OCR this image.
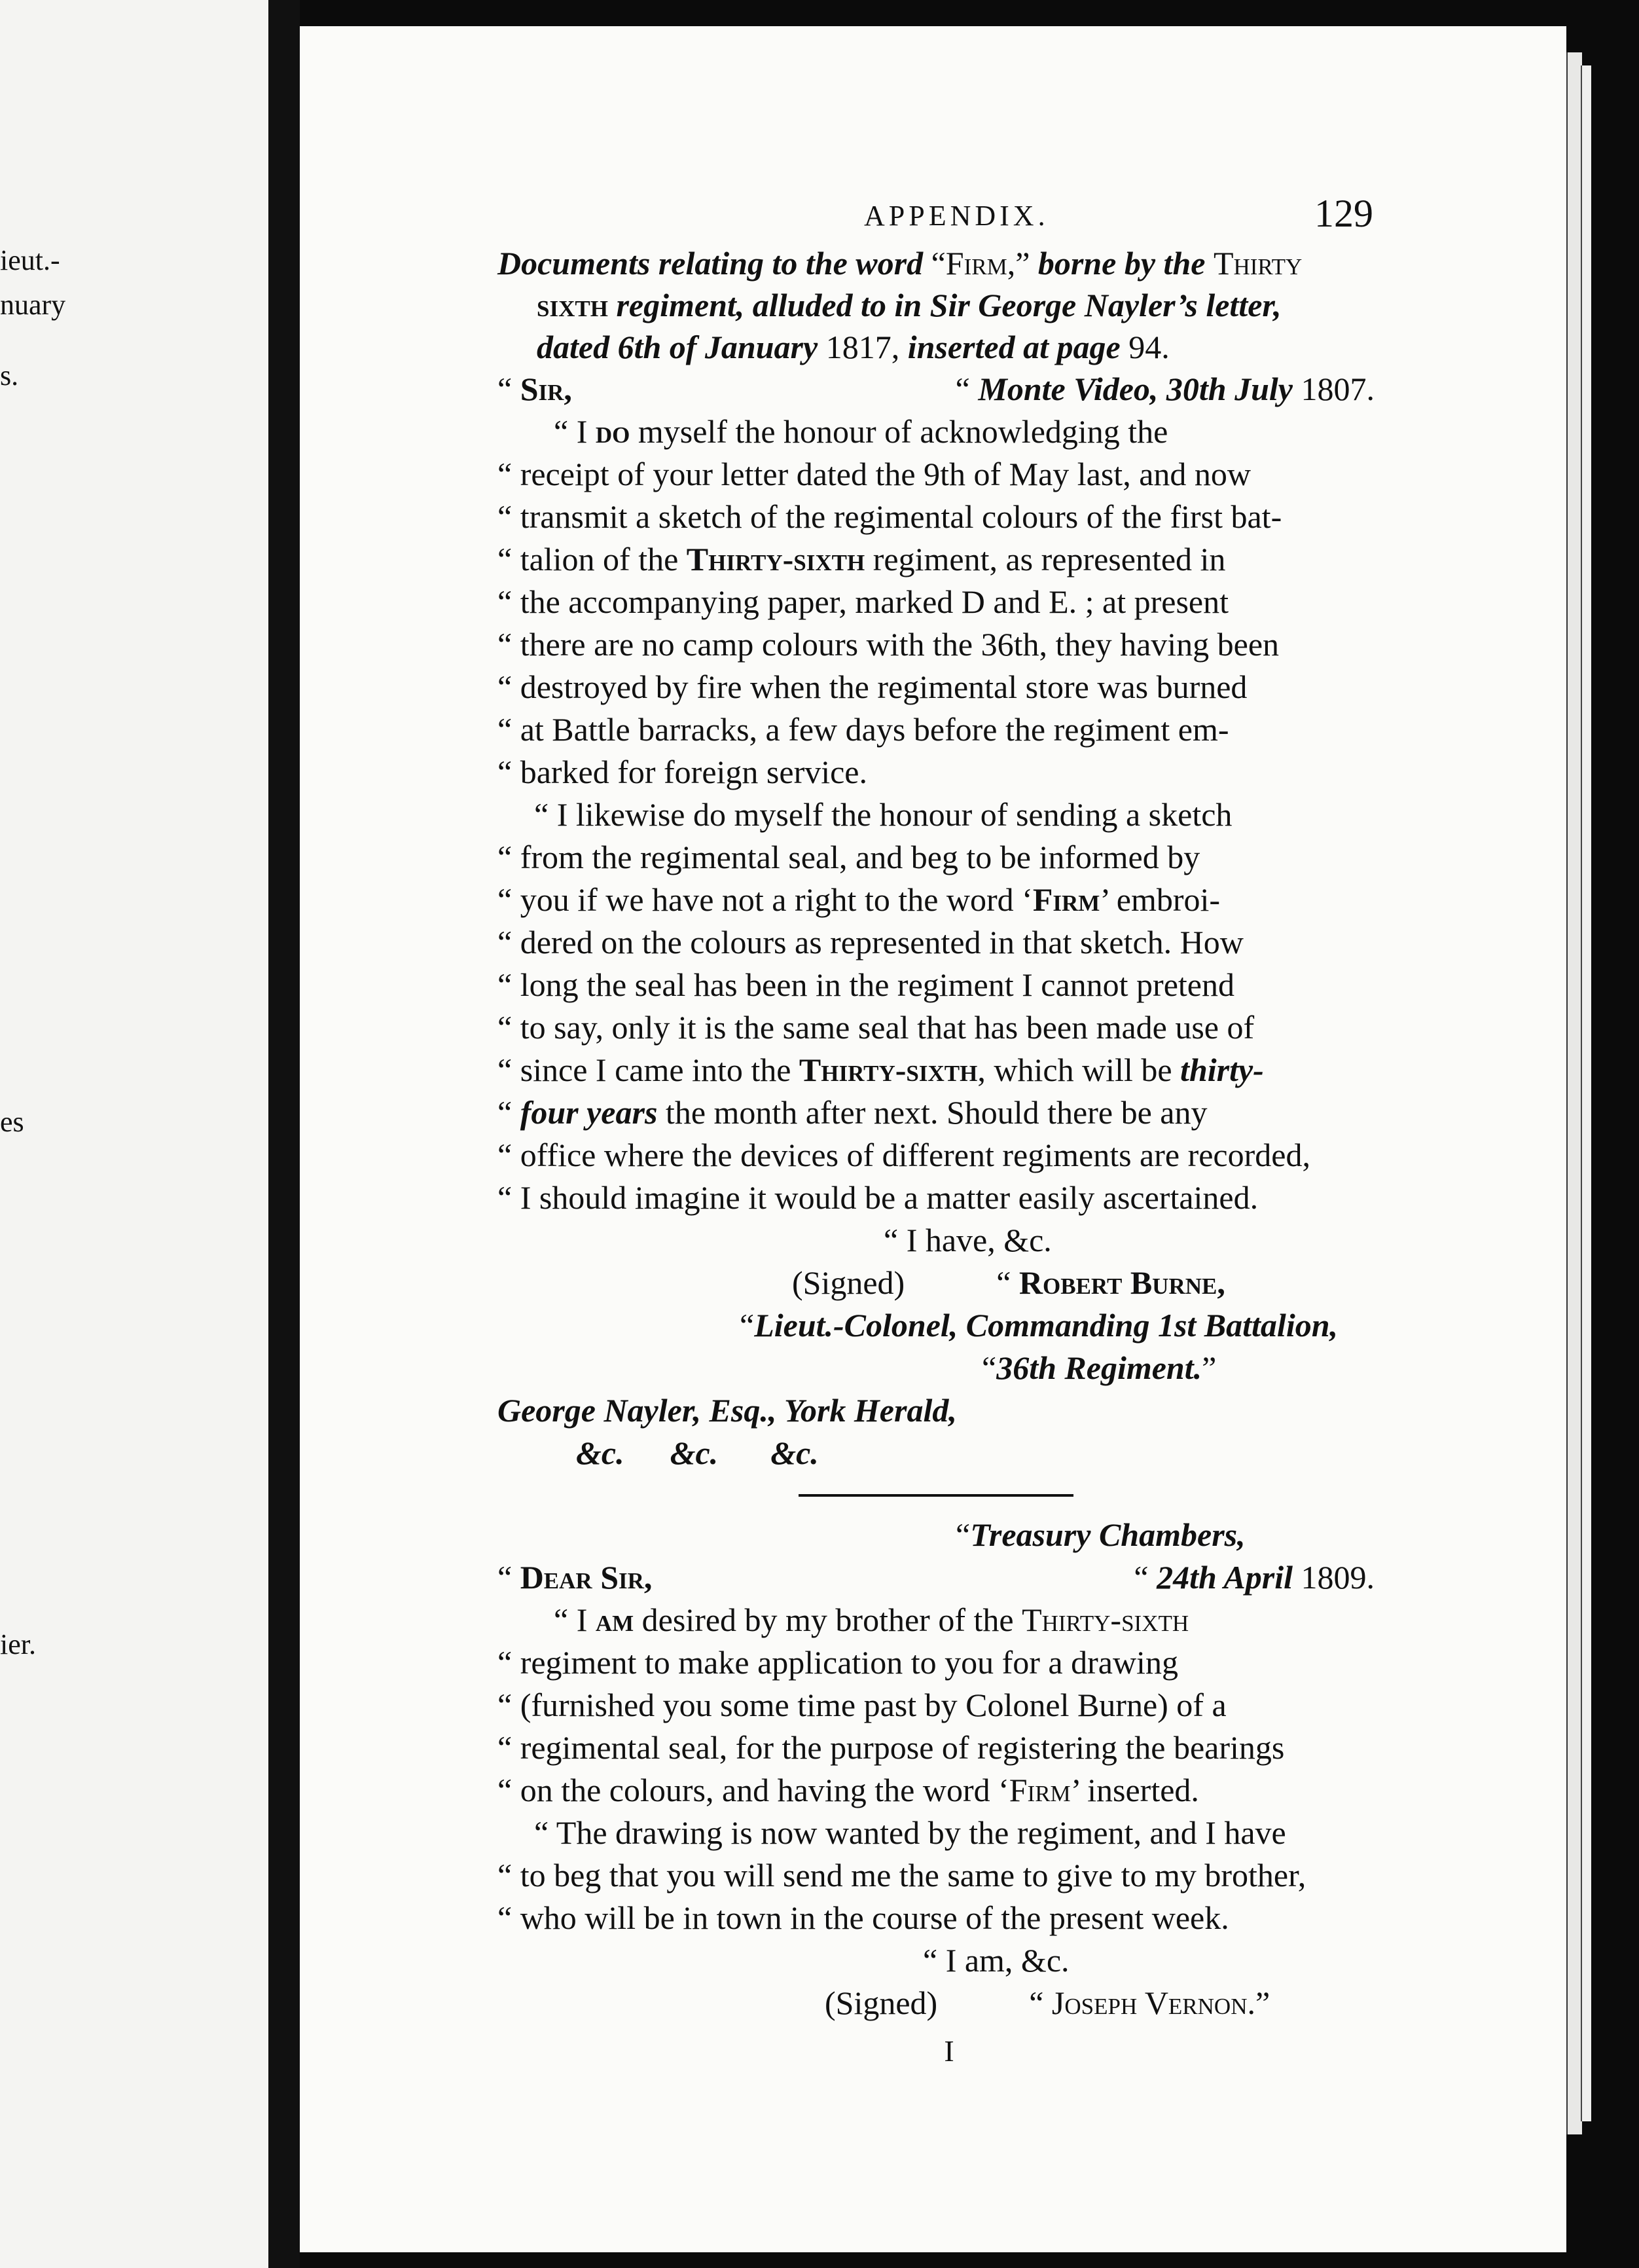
ieut.-
nuary
s.
es
ier.
APPENDIX.	129
Documents relating to the word “Firm,” borne by the Thirty
sixth
regiment, alluded to in Sir George Nayler’s letter,
dated 6th of January
1817,
inserted at page
94.
“ Sir,	“ Monte Video, 30th July 1807.
“ I do myself the honour of acknowledging the
“ receipt of your letter dated the 9th of May last, and now
“ transmit a sketch of the regimental colours of the first bat-
“ talion of the Thirty-sixth regiment, as represented in
“ the accompanying paper, marked D and E. ; at present
“ there are no camp colours with the 36th, they having been
“ destroyed by fire when the regimental store was burned
“ at Battle barracks, a few days before the regiment em-
“ barked for foreign service.
“ I likewise do myself the honour of sending a sketch
“ from the regimental seal, and beg to be informed by
“ you if we have not a right to the word ‘Firm’ embroi-
“ dered on the colours as represented in that sketch. How
“ long the seal has been in the regiment I cannot pretend
“ to say, only it is the same seal that has been made use of
“ since I came into the Thirty-sixth, which will be thirty-
“ four years the month after next. Should there be any
“ office where the devices of different regiments are recorded,
“ I should imagine it would be a matter easily ascertained.
“ I have, &c.
(Signed)	“ Robert Burne,
“ Lieut.-Colonel, Commanding 1st Battalion,
“ 36th Regiment. ”
George Nayler, Esq., York Herald,
&c. &c. &c.
“ Treasury Chambers,
“ Dear Sir,	“ 24th April 1809.
“ I am desired by my brother of the Thirty-sixth
“ regiment to make application to you for a drawing
“ (furnished you some time past by Colonel Burne) of a
“ regimental seal, for the purpose of registering the bearings
“ on the colours, and having the word ‘ Firm ’ inserted.
“ The drawing is now wanted by the regiment, and I have
“ to beg that you will send me the same to give to my brother,
“ who will be in town in the course of the present week.
“ I am, &c.
(Signed)	“ Joseph Vernon.”
I
